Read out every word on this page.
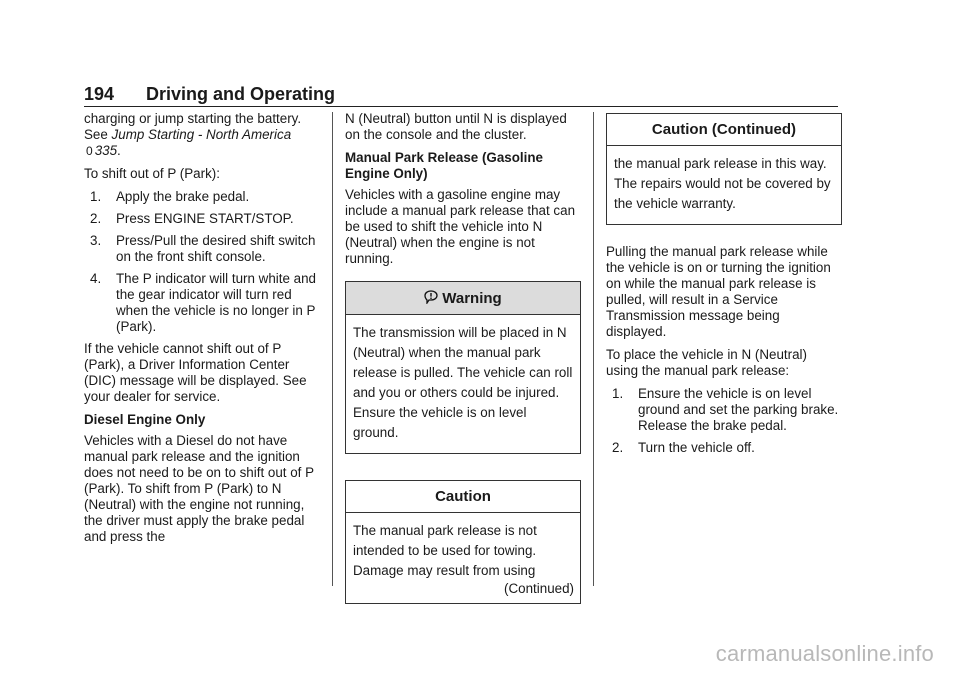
194 Driving and Operating

charging or jump starting the battery. See Jump Starting - North America 0 335.

To shift out of P (Park):

1. Apply the brake pedal.
2. Press ENGINE START/STOP.
3. Press/Pull the desired shift switch on the front shift console.
4. The P indicator will turn white and the gear indicator will turn red when the vehicle is no longer in P (Park).

If the vehicle cannot shift out of P (Park), a Driver Information Center (DIC) message will be displayed. See your dealer for service.

Diesel Engine Only

Vehicles with a Diesel do not have manual park release and the ignition does not need to be on to shift out of P (Park). To shift from P (Park) to N (Neutral) with the engine not running, the driver must apply the brake pedal and press the

N (Neutral) button until N is displayed on the console and the cluster.

Manual Park Release (Gasoline Engine Only)

Vehicles with a gasoline engine may include a manual park release that can be used to shift the vehicle into N (Neutral) when the engine is not running.

Warning
The transmission will be placed in N (Neutral) when the manual park release is pulled. The vehicle can roll and you or others could be injured. Ensure the vehicle is on level ground.
Caution
The manual park release is not intended to be used for towing. Damage may result from using
(Continued)
Caution (Continued)
the manual park release in this way. The repairs would not be covered by the vehicle warranty.

Pulling the manual park release while the vehicle is on or turning the ignition on while the manual park release is pulled, will result in a Service Transmission message being displayed.

To place the vehicle in N (Neutral) using the manual park release:

1. Ensure the vehicle is on level ground and set the parking brake. Release the brake pedal.
2. Turn the vehicle off.
carmanualsonline.info
